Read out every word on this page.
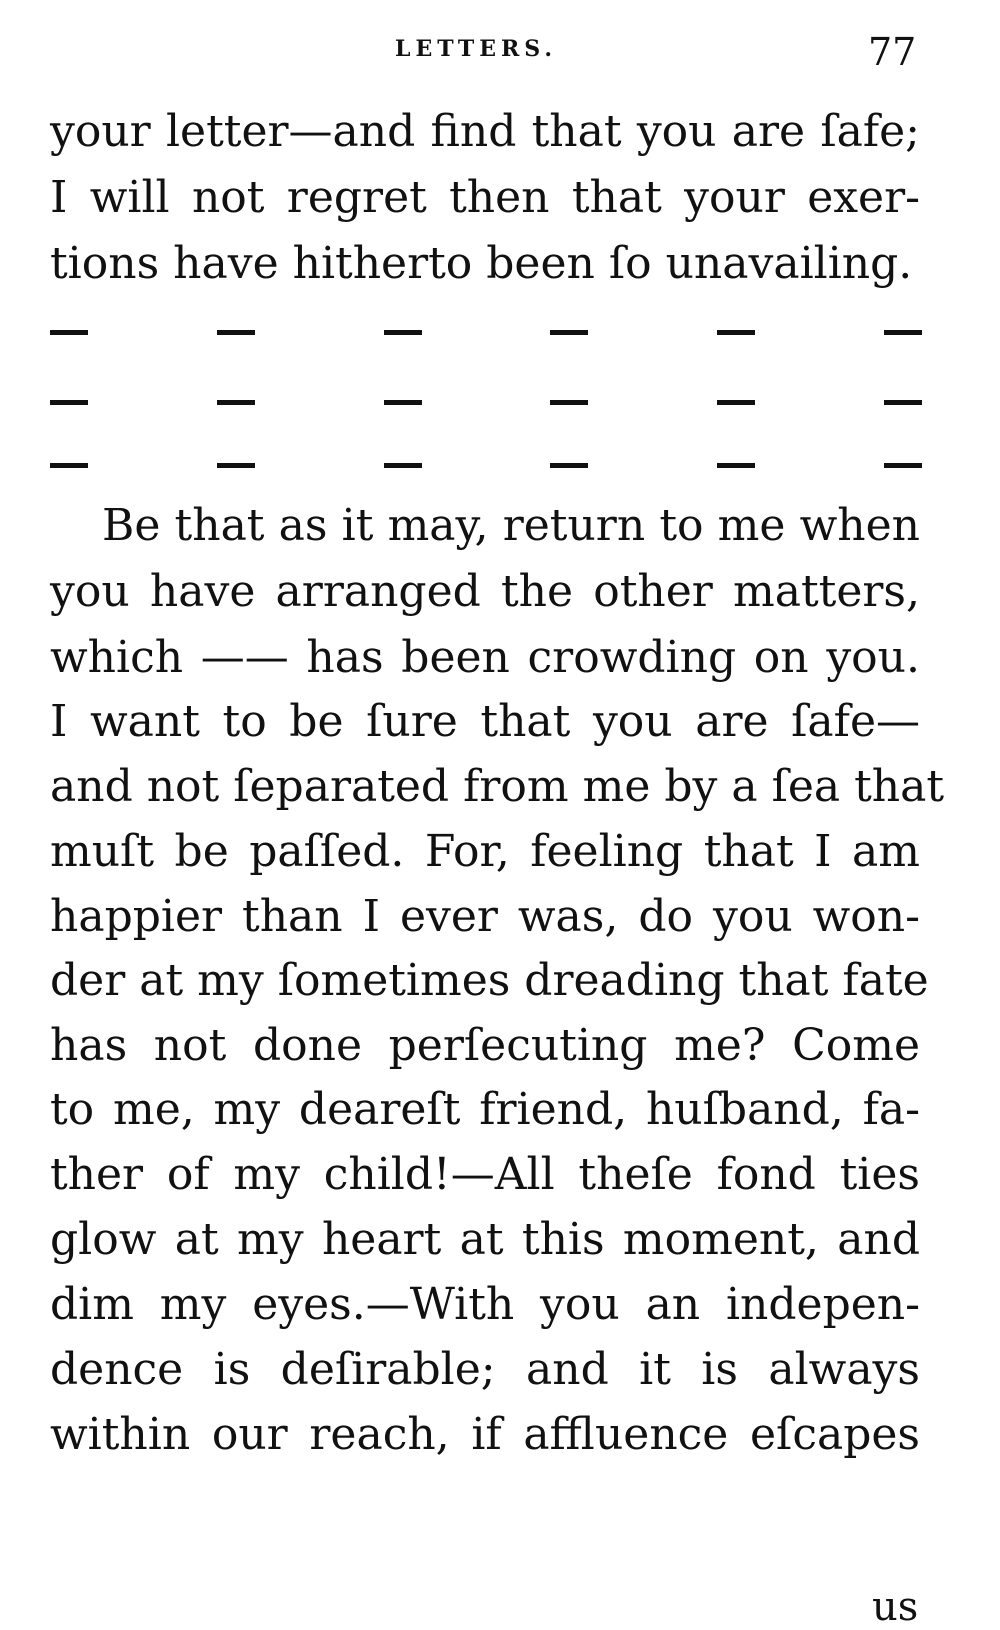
LETTERS.	77
your letter—and find that you are ſafe;
I will not regret then that your exer-
tions have hitherto been ſo unavailing.
Be that as it may, return to me when
you have arranged the other matters,
which —— has been crowding on you.
I want to be ſure that you are ſafe—
and not ſeparated from me by a ſea that
muſt be paſſed. For, feeling that I am
happier than I ever was, do you won-
der at my ſometimes dreading that fate
has not done perſecuting me? Come
to me, my deareſt friend, huſband, fa-
ther of my child!—All theſe fond ties
glow at my heart at this moment, and
dim my eyes.—With you an indepen-
dence is deſirable; and it is always
within our reach, if affluence eſcapes
us
